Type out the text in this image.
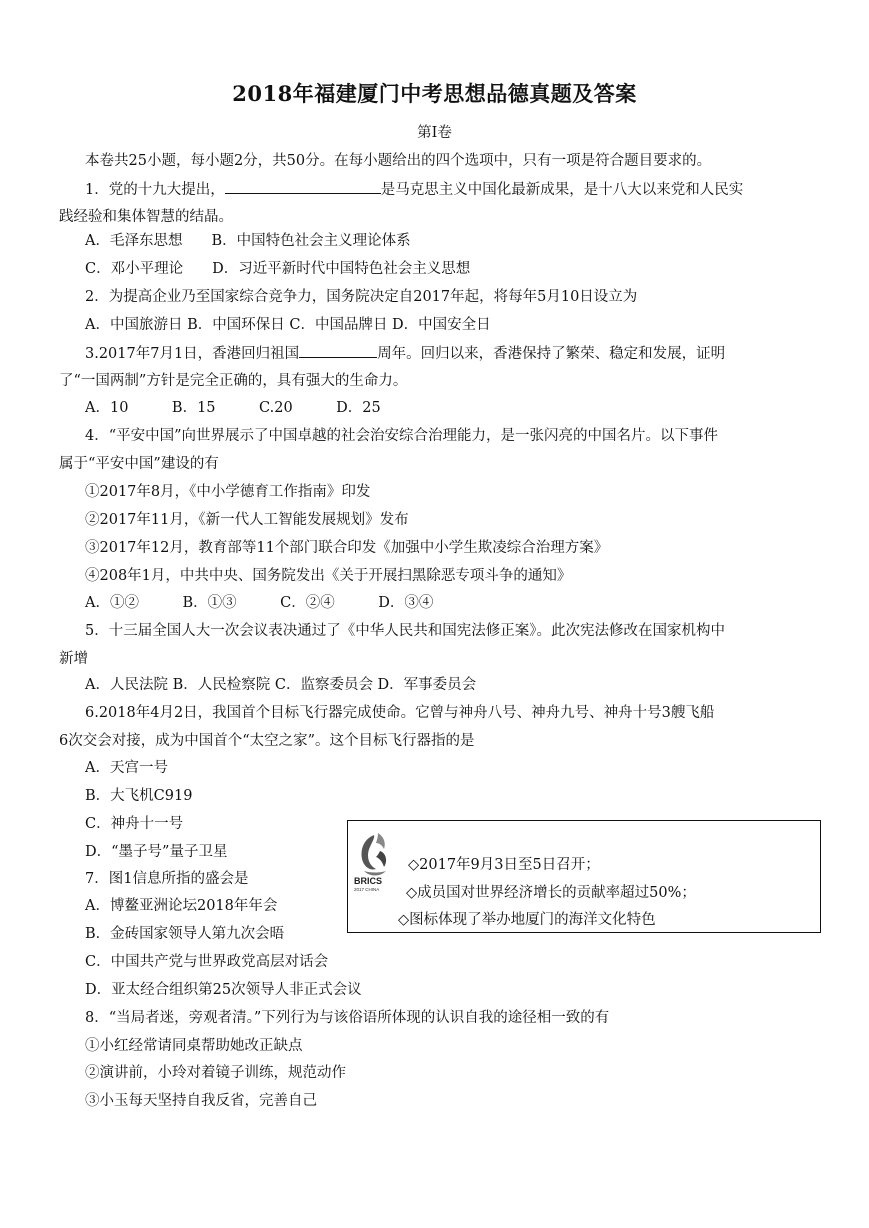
2018年福建厦门中考思想品德真题及答案
第Ⅰ卷
本卷共25小题，每小题2分，共50分。在每小题给出的四个选项中，只有一项是符合题目要求的。
1．党的十九大提出，	是马克思主义中国化最新成果，是十八大以来党和人民实
践经验和集体智慧的结晶。
A．毛泽东思想　　B．中国特色社会主义理论体系
C．邓小平理论　　D．习近平新时代中国特色社会主义思想
2．为提高企业乃至国家综合竞争力，国务院决定自2017年起，将每年5月10日设立为
A．中国旅游日 B．中国环保日 C．中国品牌日 D．中国安全日
3.2017年7月1日，香港回归祖国	周年。回归以来，香港保持了繁荣、稳定和发展，证明
了“一国两制”方针是完全正确的，具有强大的生命力。
A．10　　　B．15　　　C.20　　　D．25
4．“平安中国”向世界展示了中国卓越的社会治安综合治理能力，是一张闪亮的中国名片。以下事件
属于“平安中国”建设的有
①2017年8月，《中小学德育工作指南》印发
②2017年11月，《新一代人工智能发展规划》发布
③2017年12月，教育部等11个部门联合印发《加强中小学生欺凌综合治理方案》
④208年1月，中共中央、国务院发出《关于开展扫黑除恶专项斗争的通知》
A．①②　　　B．①③　　　C．②④　　　D．③④
5．十三届全国人大一次会议表决通过了《中华人民共和国宪法修正案》。此次宪法修改在国家机构中
新增
A．人民法院 B．人民检察院 C．监察委员会 D．军事委员会
6.2018年4月2日，我国首个目标飞行器完成使命。它曾与神舟八号、神舟九号、神舟十号3艘飞船
6次交会对接，成为中国首个“太空之家”。这个目标飞行器指的是
A．天宫一号
B．大飞机C919
C．神舟十一号
D．“墨子号”量子卫星
7．图1信息所指的盛会是
A．博鳌亚洲论坛2018年年会
B．金砖国家领导人第九次会晤
C．中国共产党与世界政党高层对话会
D．亚太经合组织第25次领导人非正式会议
BRICS
2017 CHINA
◇2017年9月3日至5日召开；
◇成员国对世界经济增长的贡献率超过50%；
◇图标体现了举办地厦门的海洋文化特色
8．“当局者迷，旁观者清。”下列行为与该俗语所体现的认识自我的途径相一致的有
①小红经常请同桌帮助她改正缺点
②演讲前，小玲对着镜子训练，规范动作
③小玉每天坚持自我反省，完善自己
